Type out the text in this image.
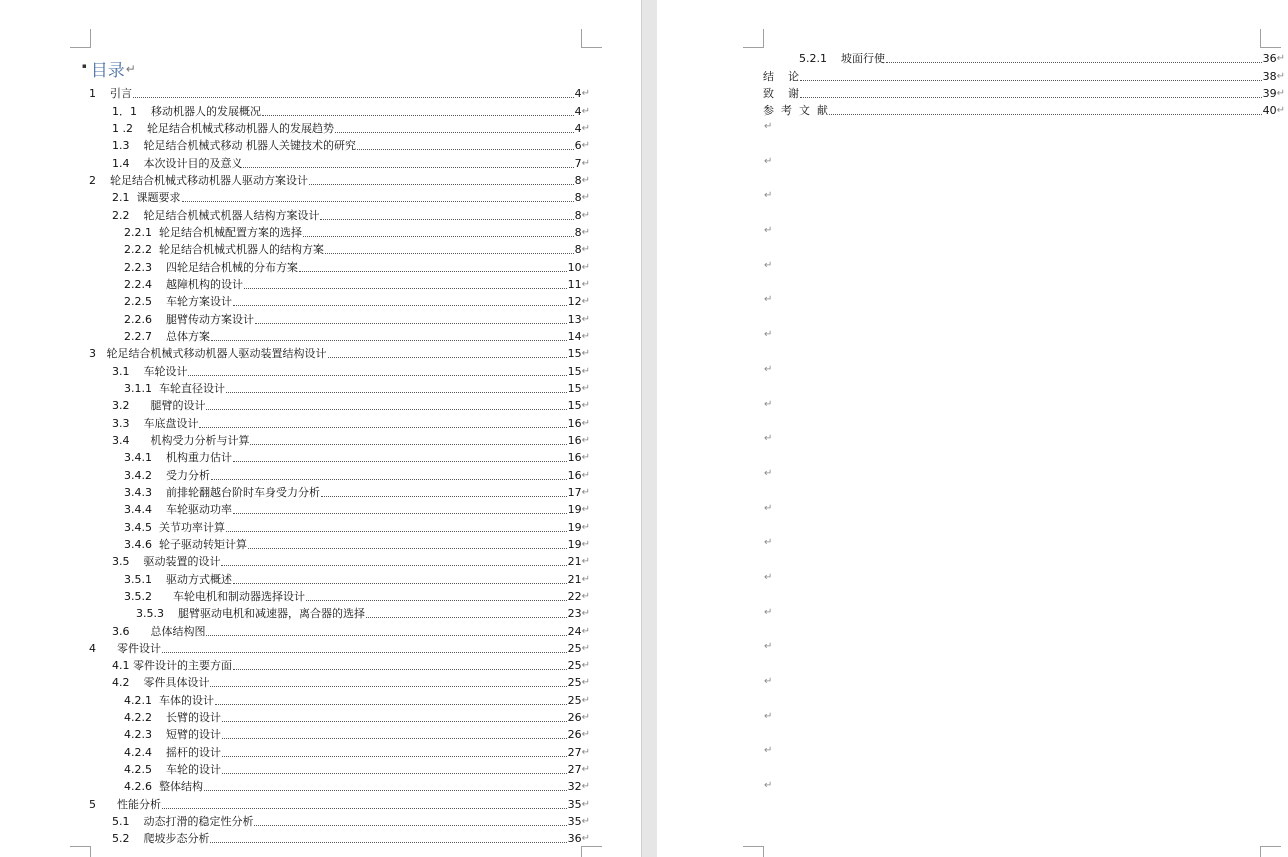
▪ 目录 ↵
1    引言	4 ↵
1．1    移动机器人的发展概况	4 ↵
1 .2    轮足结合机械式移动机器人的发展趋势	4 ↵
1.3    轮足结合机械式移动 机器人关键技术的研究	6 ↵
1.4    本次设计目的及意义	7 ↵
2    轮足结合机械式移动机器人驱动方案设计	8 ↵
2.1  课题要求	8 ↵
2.2    轮足结合机械式机器人结构方案设计	8 ↵
2.2.1  轮足结合机械配置方案的选择	8 ↵
2.2.2  轮足结合机械式机器人的结构方案	8 ↵
2.2.3    四轮足结合机械的分布方案	10 ↵
2.2.4    越障机构的设计	11 ↵
2.2.5    车轮方案设计	12 ↵
2.2.6    腿臂传动方案设计	13 ↵
2.2.7    总体方案	14 ↵
3   轮足结合机械式移动机器人驱动装置结构设计	15 ↵
3.1    车轮设计	15 ↵
3.1.1  车轮直径设计	15 ↵
3.2      腿臂的设计	15 ↵
3.3    车底盘设计	16 ↵
3.4      机构受力分析与计算	16 ↵
3.4.1    机构重力估计	16 ↵
3.4.2    受力分析	16 ↵
3.4.3    前排轮翻越台阶时车身受力分析	17 ↵
3.4.4    车轮驱动功率	19 ↵
3.4.5  关节功率计算	19 ↵
3.4.6  轮子驱动转矩计算	19 ↵
3.5    驱动装置的设计	21 ↵
3.5.1    驱动方式概述	21 ↵
3.5.2      车轮电机和制动器选择设计	22 ↵
3.5.3    腿臂驱动电机和减速器，离合器的选择	23 ↵
3.6      总体结构图	24 ↵
4      零件设计	25 ↵
4.1 零件设计的主要方面	25 ↵
4.2    零件具体设计	25 ↵
4.2.1  车体的设计	25 ↵
4.2.2    长臂的设计	26 ↵
4.2.3    短臂的设计	26 ↵
4.2.4    摇杆的设计	27 ↵
4.2.5    车轮的设计	27 ↵
4.2.6  整体结构	32 ↵
5      性能分析	35 ↵
5.1    动态打滑的稳定性分析	35 ↵
5.2    爬坡步态分析	36 ↵
5.2.1    坡面行使	36 ↵
结    论	38 ↵
致    谢	39 ↵
参  考  文  献	40 ↵
↵
↵
↵
↵
↵
↵
↵
↵
↵
↵
↵
↵
↵
↵
↵
↵
↵
↵
↵
↵
